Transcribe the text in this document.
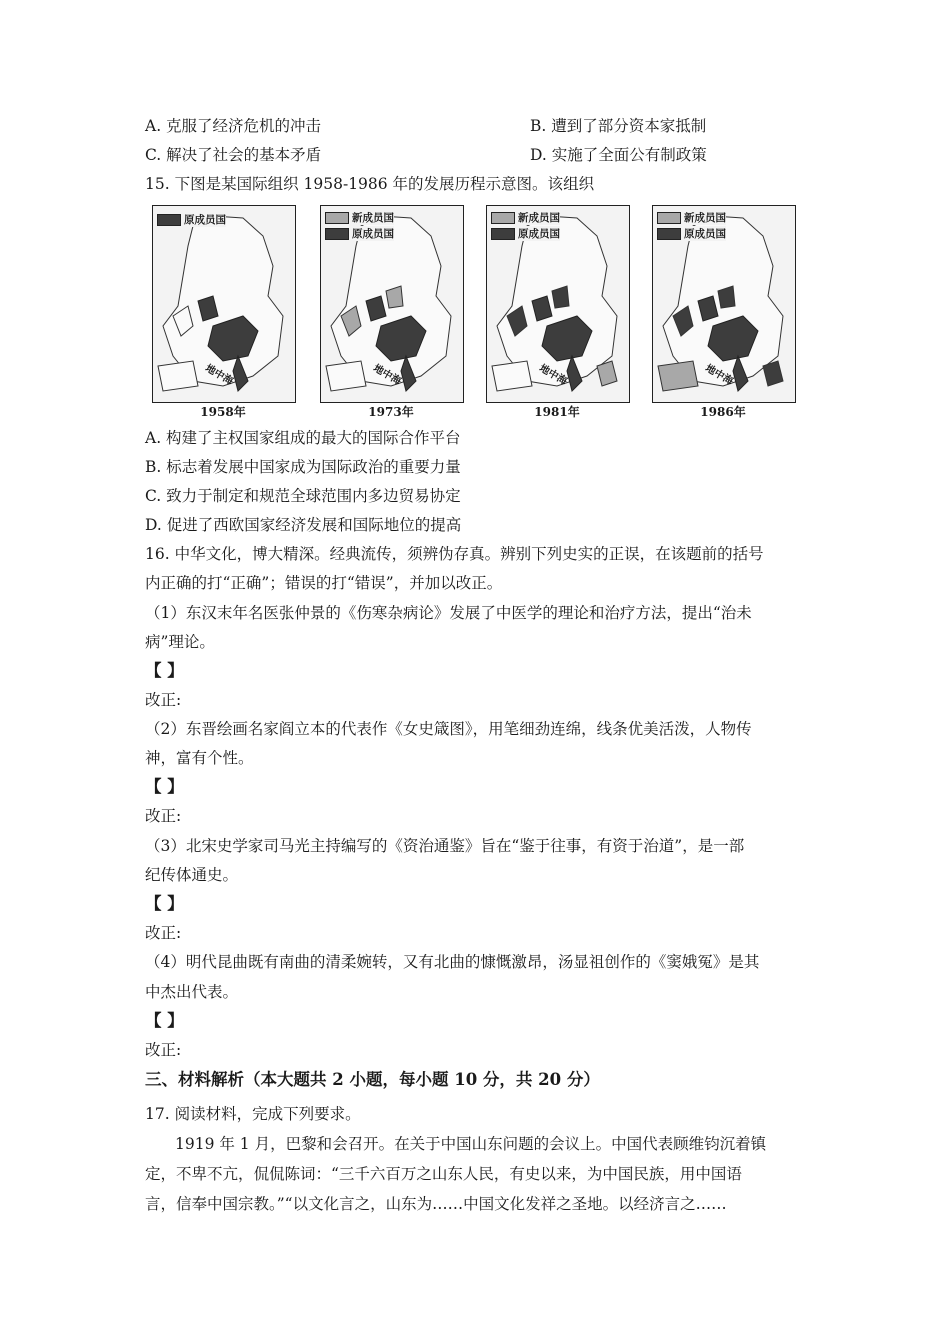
A. 克服了经济危机的冲击	B. 遭到了部分资本家抵制
C. 解决了社会的基本矛盾	D. 实施了全面公有制政策
15. 下图是某国际组织 1958-1986 年的发展历程示意图。该组织
原成员国
地中海
1958年
新成员国
原成员国
地中海
1973年
新成员国
原成员国
地中海
1981年
新成员国
原成员国
地中海
1986年
A. 构建了主权国家组成的最大的国际合作平台
B. 标志着发展中国家成为国际政治的重要力量
C. 致力于制定和规范全球范围内多边贸易协定
D. 促进了西欧国家经济发展和国际地位的提高
16. 中华文化，博大精深。经典流传，须辨伪存真。辨别下列史实的正误，在该题前的括号
内正确的打“正确”；错误的打“错误”，并加以改正。
（1）东汉末年名医张仲景的《伤寒杂病论》发展了中医学的理论和治疗方法，提出“治未
病”理论。
【 】
改正:
（2）东晋绘画名家阎立本的代表作《女史箴图》，用笔细劲连绵，线条优美活泼，人物传
神，富有个性。
【 】
改正:
（3）北宋史学家司马光主持编写的《资治通鉴》旨在“鉴于往事，有资于治道”，是一部
纪传体通史。
【 】
改正:
（4）明代昆曲既有南曲的清柔婉转，又有北曲的慷慨激昂，汤显祖创作的《窦娥冤》是其
中杰出代表。
【 】
改正:
三、材料解析（本大题共 2 小题，每小题 10 分，共 20 分）
17. 阅读材料，完成下列要求。
1919 年 1 月，巴黎和会召开。在关于中国山东问题的会议上。中国代表顾维钧沉着镇
定，不卑不亢，侃侃陈词：“三千六百万之山东人民，有史以来，为中国民族，用中国语
言，信奉中国宗教。”“以文化言之，山东为……中国文化发祥之圣地。以经济言之……
